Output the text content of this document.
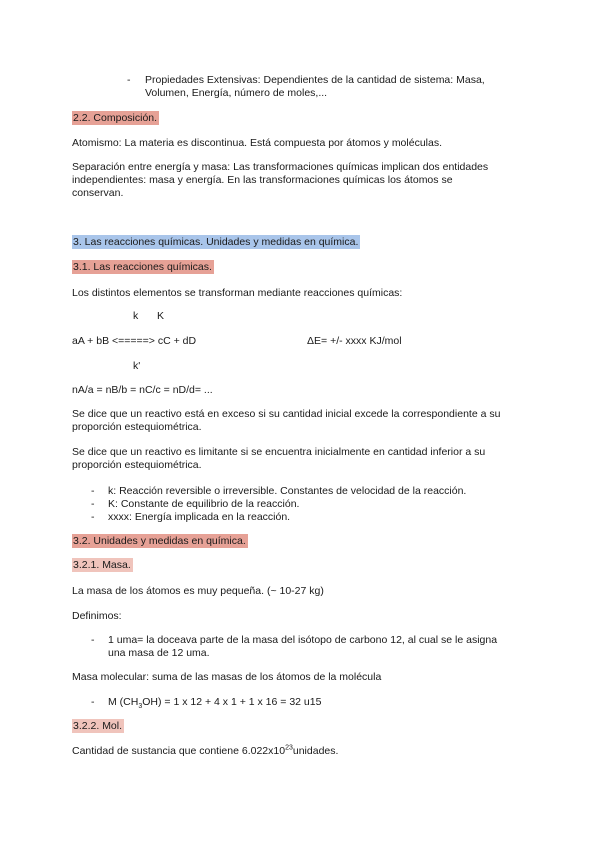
-	Propiedades Extensivas: Dependientes de la cantidad de sistema: Masa,
Volumen, Energía, número de moles,...
2.2. Composición.
Atomismo: La materia es discontinua. Está compuesta por átomos y moléculas.
Separación entre energía y masa: Las transformaciones químicas implican dos entidades
independientes: masa y energía. En las transformaciones químicas los átomos se
conservan.
3. Las reacciones químicas. Unidades y medidas en química.
3.1. Las reacciones químicas.
Los distintos elementos se transforman mediante reacciones químicas:
k K
aA + bB <=====> cC + dD	ΔE= +/- xxxx KJ/mol
k'
nA/a = nB/b = nC/c = nD/d= ...
Se dice que un reactivo está en exceso si su cantidad inicial excede la correspondiente a su
proporción estequiométrica.
Se dice que un reactivo es limitante si se encuentra inicialmente en cantidad inferior a su
proporción estequiométrica.
-	k: Reacción reversible o irreversible. Constantes de velocidad de la reacción.
-	K: Constante de equilibrio de la reacción.
-	xxxx: Energía implicada en la reacción.
3.2. Unidades y medidas en química.
3.2.1. Masa.
La masa de los átomos es muy pequeña. (~ 10-27 kg)
Definimos:
-	1 uma= la doceava parte de la masa del isótopo de carbono 12, al cual se le asigna
una masa de 12 uma.
Masa molecular: suma de las masas de los átomos de la molécula
-	M $(CH_3OH) = 1$ x 12 + 4 x 1 + 1 x 16 = 32 u15
3.2.2. Mol.
Cantidad de sustancia que contiene $6.022x10^{23}unidades$.
